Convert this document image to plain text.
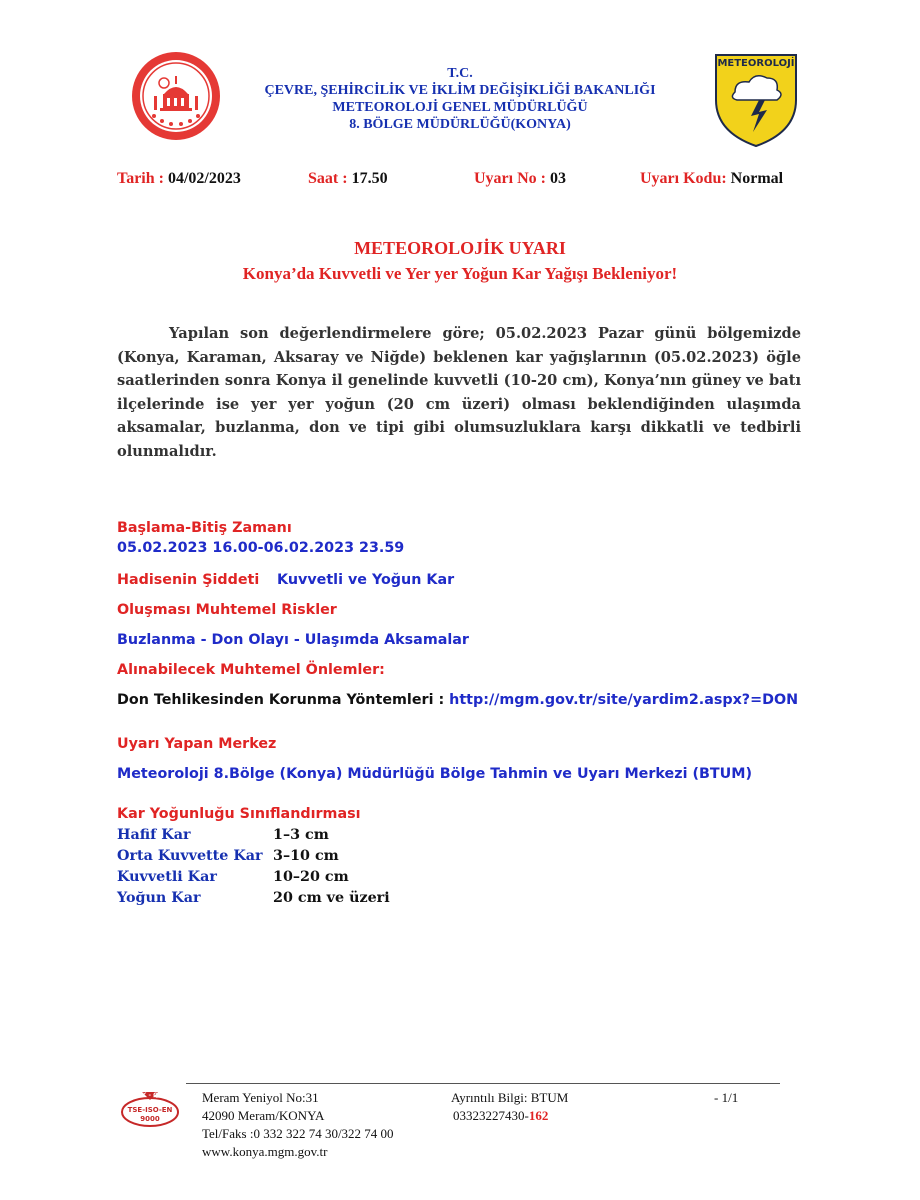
T.C.
ÇEVRE, ŞEHİRCİLİK VE İKLİM DEĞİŞİKLİĞİ BAKANLIĞI
METEOROLOJİ GENEL MÜDÜRLÜĞÜ
8. BÖLGE MÜDÜRLÜĞÜ(KONYA)
METEOROLOJİ
Tarih : 04/02/2023	Saat : 17.50	Uyarı No : 03	Uyarı Kodu: Normal
METEOROLOJİK UYARI
Konya’da Kuvvetli ve Yer yer Yoğun Kar Yağışı Bekleniyor!
Yapılan son değerlendirmelere göre; 05.02.2023 Pazar günü bölgemizde (Konya, Karaman, Aksaray ve Niğde) beklenen kar yağışlarının (05.02.2023) öğle saatlerinden sonra Konya il genelinde kuvvetli (10-20 cm), Konya’nın güney ve batı ilçelerinde ise yer yer yoğun (20 cm üzeri) olması beklendiğinden ulaşımda aksamalar, buzlanma, don ve tipi gibi olumsuzluklara karşı dikkatli ve tedbirli olunmalıdır.
Başlama-Bitiş Zamanı
05.02.2023 16.00-06.02.2023 23.59
Hadisenin Şiddeti Kuvvetli ve Yoğun Kar
Oluşması Muhtemel Riskler
Buzlanma - Don Olayı - Ulaşımda Aksamalar
Alınabilecek Muhtemel Önlemler:
Don Tehlikesinden Korunma Yöntemleri : http://mgm.gov.tr/site/yardim2.aspx?=DON
Uyarı Yapan Merkez
Meteoroloji 8.Bölge (Konya) Müdürlüğü Bölge Tahmin ve Uyarı Merkezi (BTUM)
Kar Yoğunluğu Sınıflandırması
Hafif Kar	1–3 cm
Orta Kuvvette Kar 3–10 cm
Kuvvetli Kar	10–20 cm
Yoğun Kar	20 cm ve üzeri
K - Q
TSE-ISO-EN
9000
Meram Yeniyol No:31
42090 Meram/KONYA
Tel/Faks :0 332 322 74 30/322 74 00
www.konya.mgm.gov.tr
Ayrıntılı Bilgi: BTUM
03323227430-162
- 1/1
